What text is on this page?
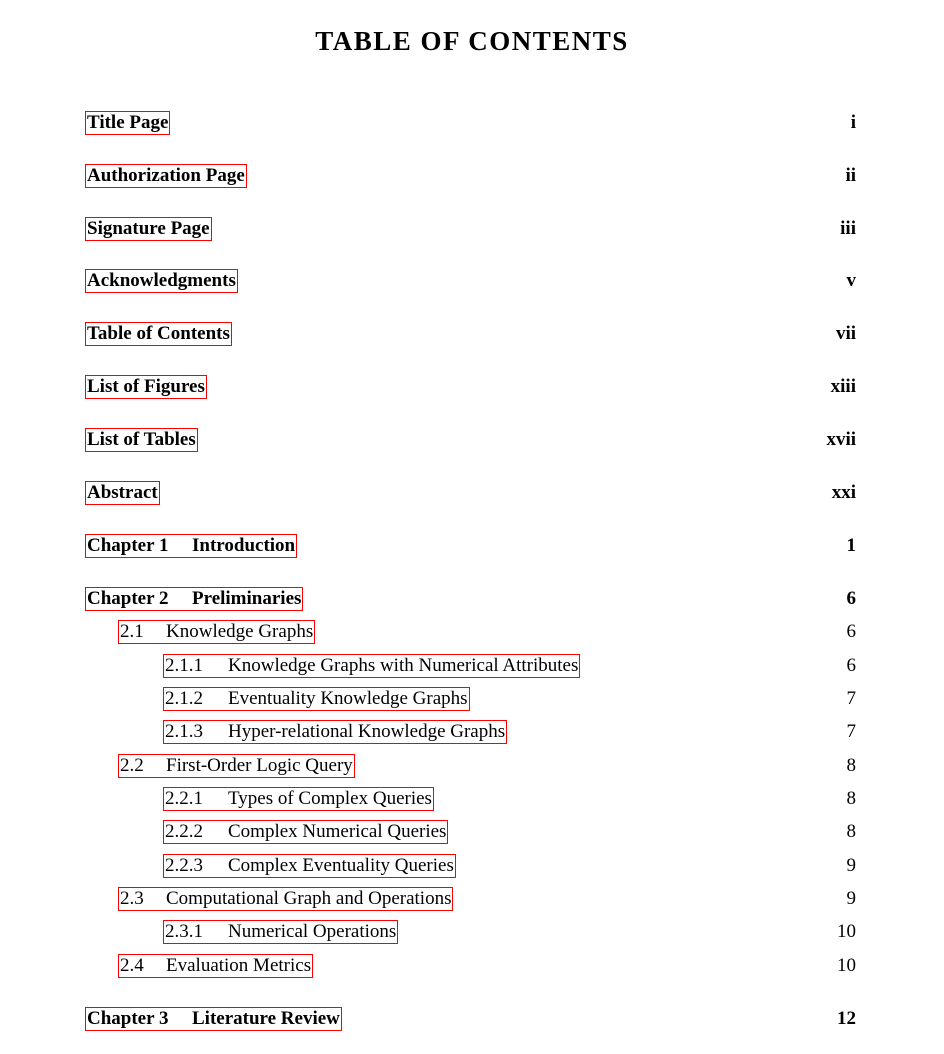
TABLE OF CONTENTS
Title Page	i
Authorization Page	ii
Signature Page	iii
Acknowledgments	v
Table of Contents	vii
List of Figures	xiii
List of Tables	xvii
Abstract	xxi
Chapter 1 Introduction	1
Chapter 2 Preliminaries	6
2.1 Knowledge Graphs	6
2.1.1 Knowledge Graphs with Numerical Attributes	6
2.1.2 Eventuality Knowledge Graphs	7
2.1.3 Hyper-relational Knowledge Graphs	7
2.2 First-Order Logic Query	8
2.2.1 Types of Complex Queries	8
2.2.2 Complex Numerical Queries	8
2.2.3 Complex Eventuality Queries	9
2.3 Computational Graph and Operations	9
2.3.1 Numerical Operations	10
2.4 Evaluation Metrics	10
Chapter 3 Literature Review	12
